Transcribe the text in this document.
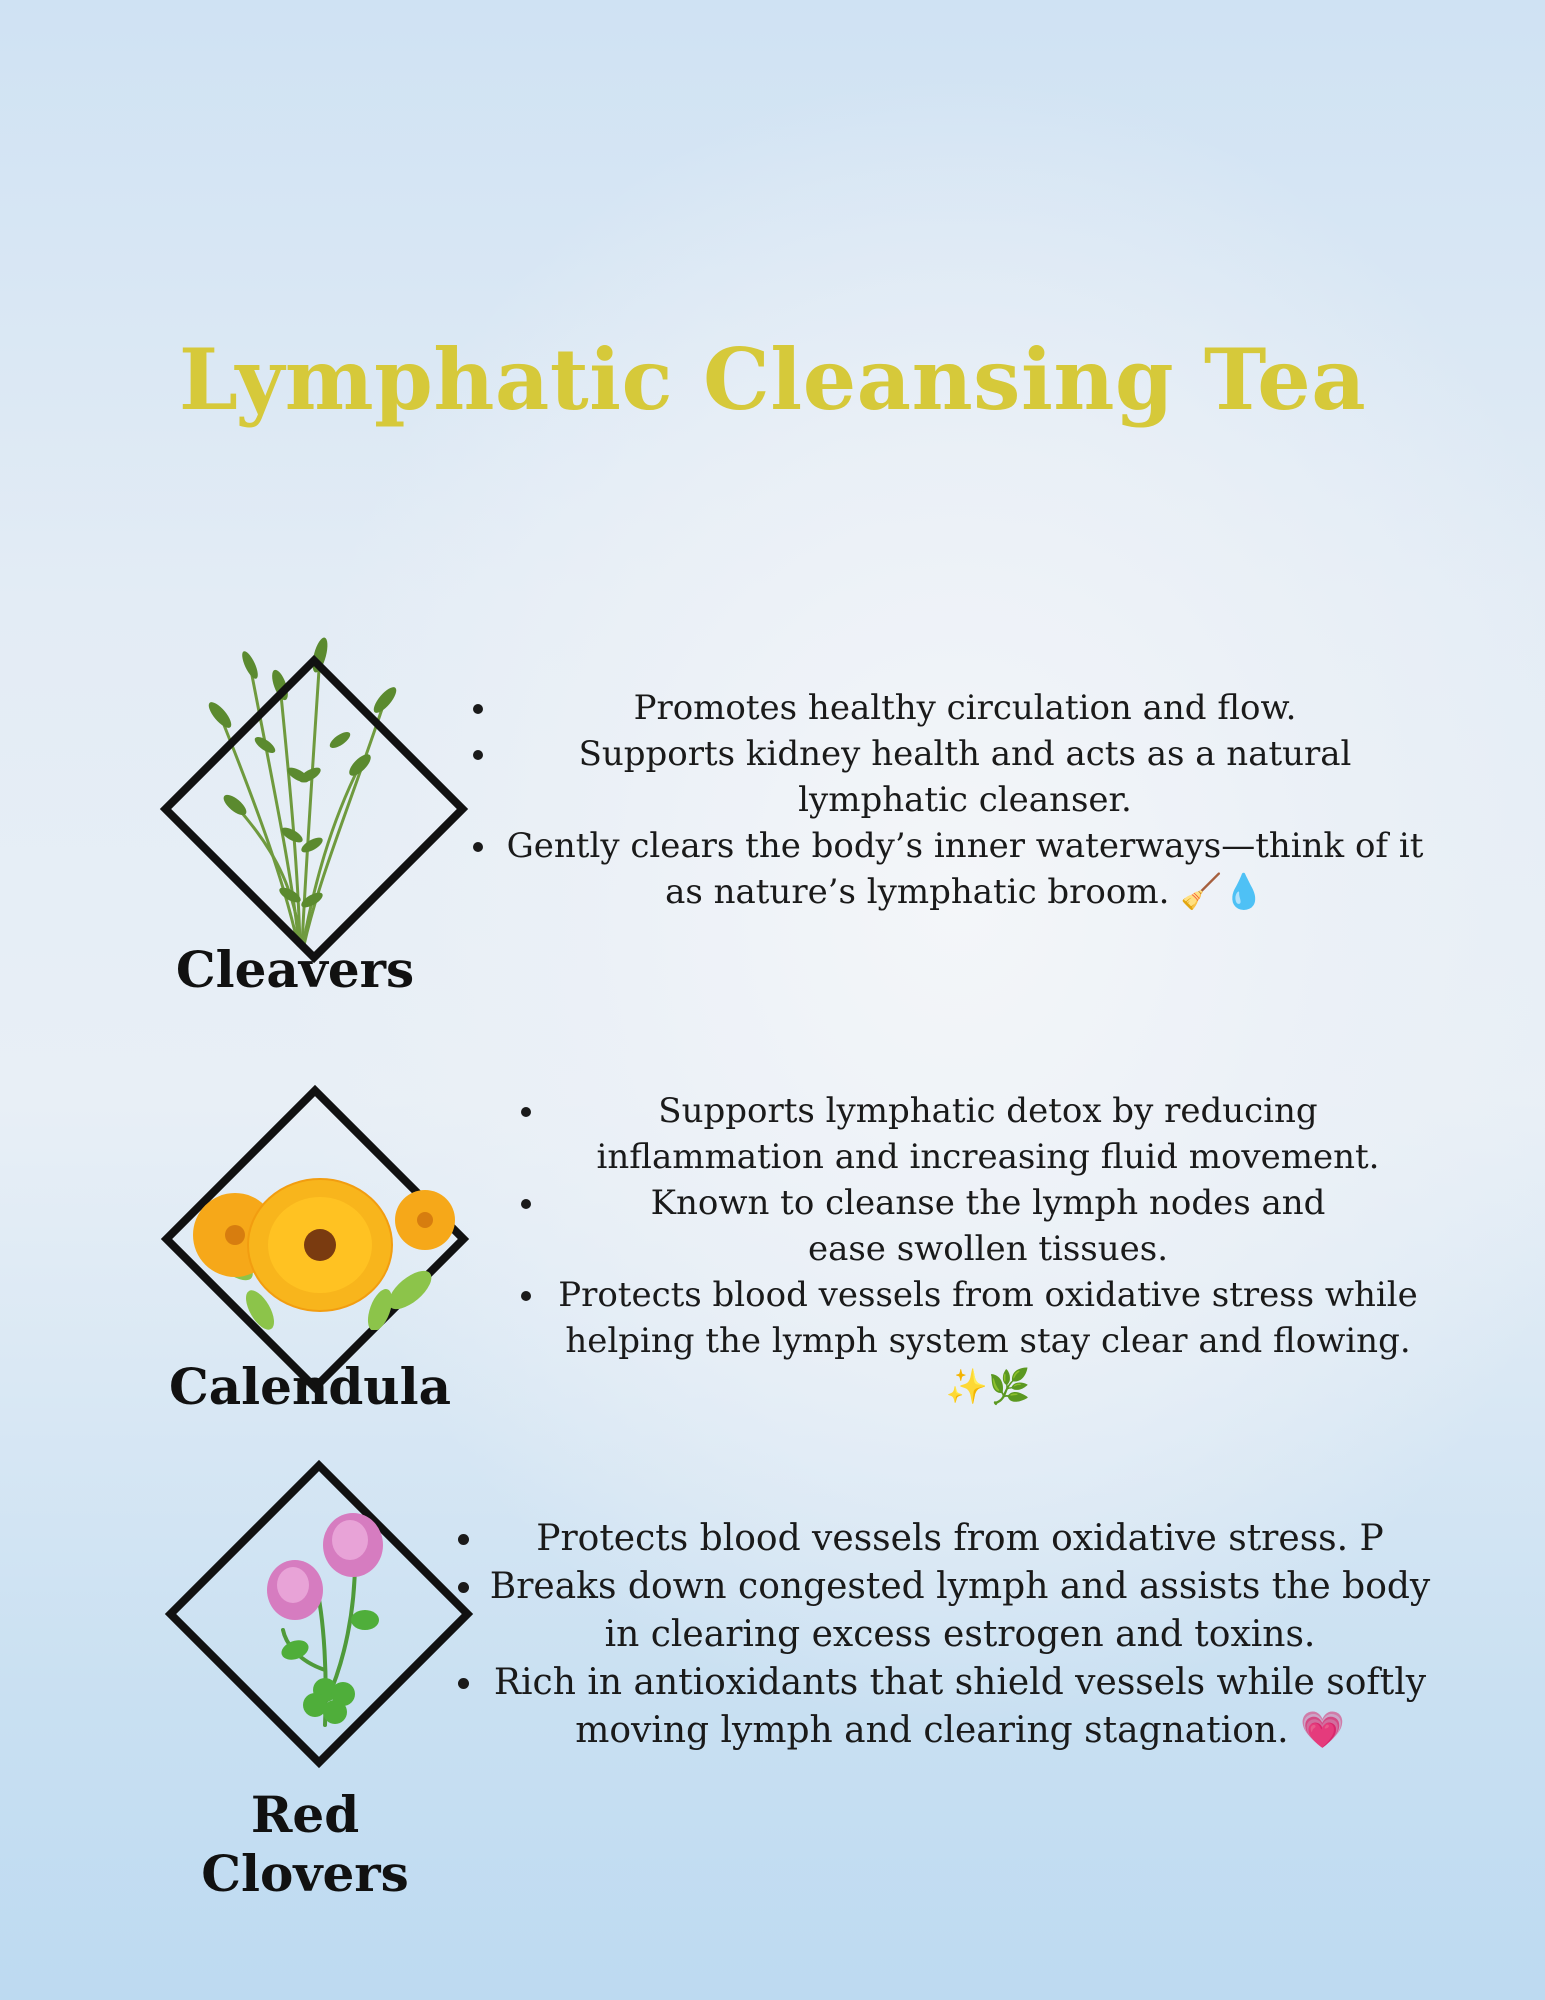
Lymphatic Cleansing Tea
Cleavers
• Promotes healthy circulation and flow.
• Supports kidney health and acts as a natural lymphatic cleanser.
• Gently clears the body’s inner waterways—think of it as nature’s lymphatic broom. 🧹💧
Calendula
• Supports lymphatic detox by reducing inflammation and increasing fluid movement.
• Known to cleanse the lymph nodes and ease swollen tissues.
• Protects blood vessels from oxidative stress while helping the lymph system stay clear and flowing. ✨🌿
Red Clovers
• Protects blood vessels from oxidative stress. P
• Breaks down congested lymph and assists the body in clearing excess estrogen and toxins.
• Rich in antioxidants that shield vessels while softly moving lymph and clearing stagnation. 💗
